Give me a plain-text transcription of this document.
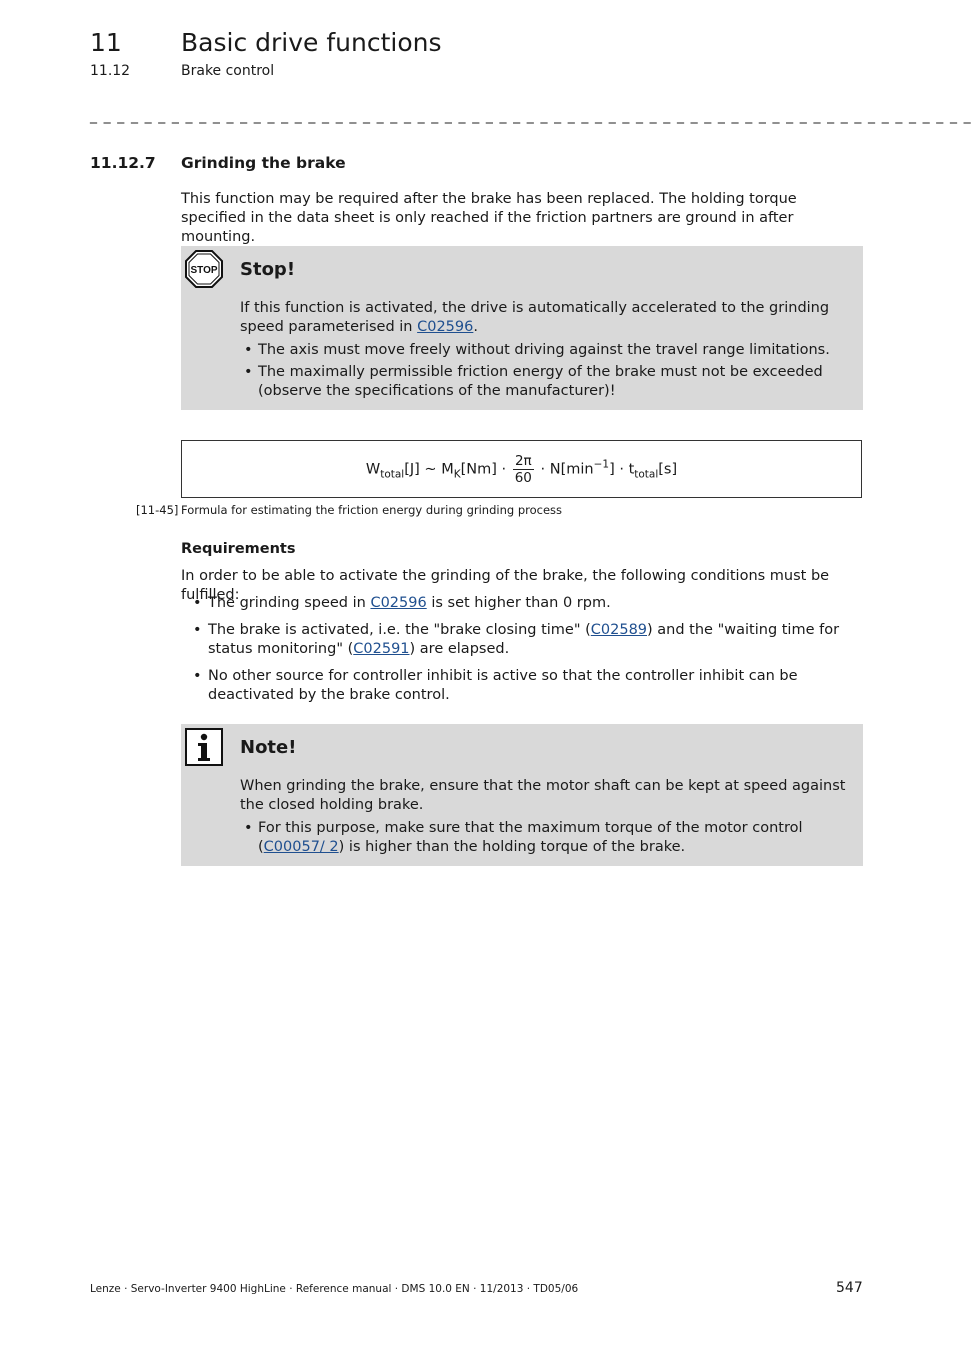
11 Basic drive functions
11.12	Brake control
_ _ _ _ _ _ _ _ _ _ _ _ _ _ _ _ _ _ _ _ _ _ _ _ _ _ _ _ _ _ _ _ _ _ _ _ _ _ _ _ _ _ _ _ _ _ _ _ _ _ _ _ _ _ _ _ _ _ _ _ _ _ _ _ _
11.12.7 Grinding the brake
This function may be required after the brake has been replaced. The holding torque specified in the data sheet is only reached if the friction partners are ground in after mounting.
STOP Stop!
If this function is activated, the drive is automatically accelerated to the grinding speed parameterised in C02596.
• The axis must move freely without driving against the travel range limitations.
• The maximally permissible friction energy of the brake must not be exceeded (observe the specifications of the manufacturer)!
$W_{total}[J]$ ~ $M_K[Nm] \cdot \frac{2\pi}{60} \cdot N[\min^{-1}] \cdot t_{total}[s]$
[11-45] Formula for estimating the friction energy during grinding process
Requirements
In order to be able to activate the grinding of the brake, the following conditions must be fulfilled:
• The grinding speed in C02596 is set higher than 0 rpm.
• The brake is activated, i.e. the "brake closing time" (C02589) and the "waiting time for status monitoring" (C02591) are elapsed.
• No other source for controller inhibit is active so that the controller inhibit can be deactivated by the brake control.
Note!
When grinding the brake, ensure that the motor shaft can be kept at speed against the closed holding brake.
• For this purpose, make sure that the maximum torque of the motor control (C00057/ 2) is higher than the holding torque of the brake.
Lenze · Servo-Inverter 9400 HighLine · Reference manual · DMS 10.0 EN · 11/2013 · TD05/06	547
